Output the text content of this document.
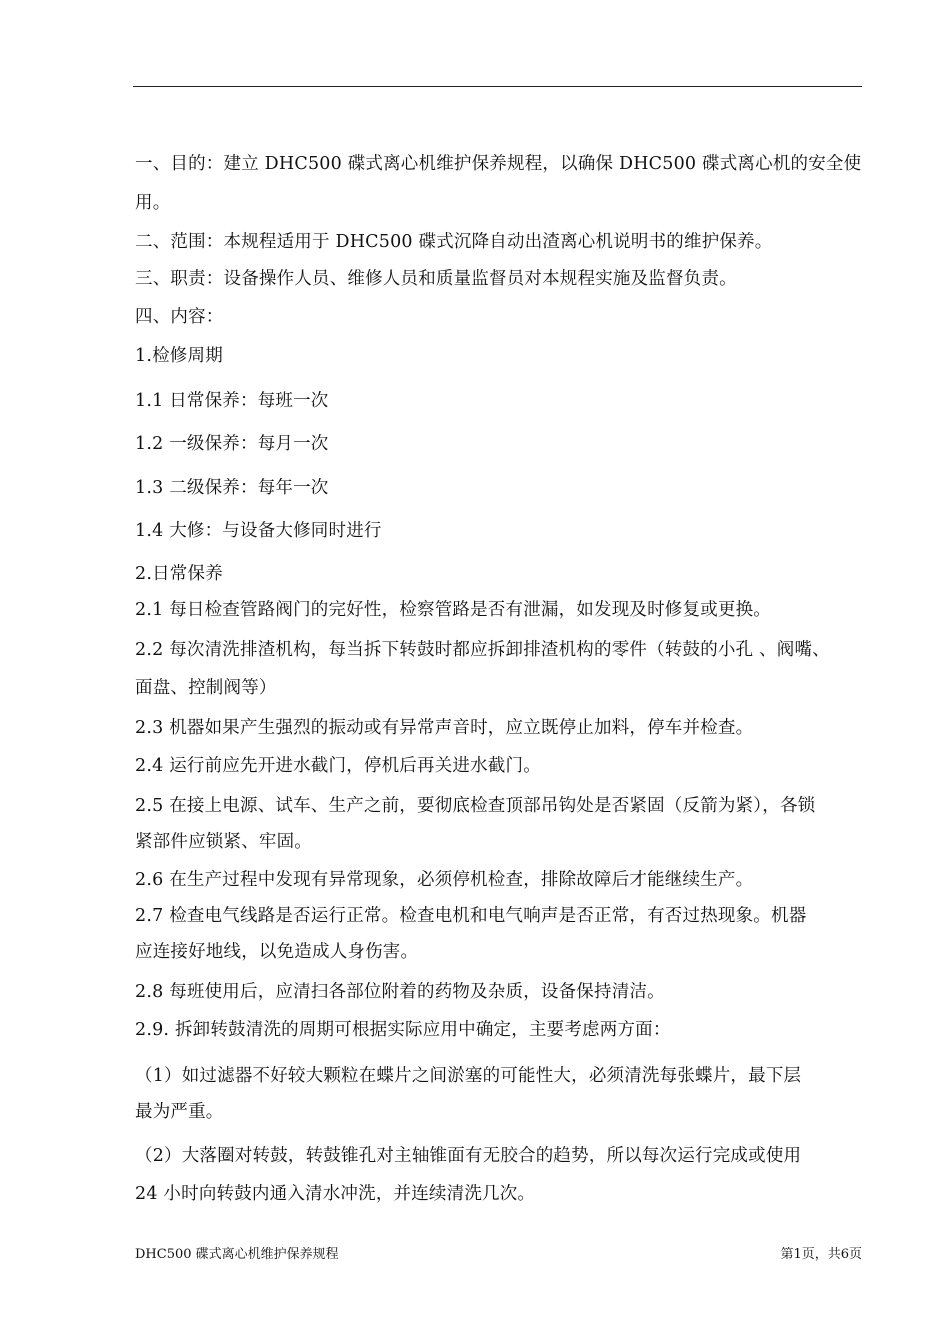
一、目的：建立 DHC500 碟式离心机维护保养规程，以确保 DHC500 碟式离心机的安全使
用。
二、范围：本规程适用于 DHC500 碟式沉降自动出渣离心机说明书的维护保养。
三、职责：设备操作人员、维修人员和质量监督员对本规程实施及监督负责。
四、内容：
1.检修周期
1.1 日常保养：每班一次
1.2 一级保养：每月一次
1.3 二级保养：每年一次
1.4 大修：与设备大修同时进行
2.日常保养
2.1 每日检查管路阀门的完好性，检察管路是否有泄漏，如发现及时修复或更换。
2.2 每次清洗排渣机构，每当拆下转鼓时都应拆卸排渣机构的零件（转鼓的小孔 、阀嘴、
面盘、控制阀等）
2.3 机器如果产生强烈的振动或有异常声音时，应立既停止加料，停车并检查。
2.4 运行前应先开进水截门，停机后再关进水截门。
2.5 在接上电源、试车、生产之前，要彻底检查顶部吊钩处是否紧固（反箭为紧），各锁
紧部件应锁紧、牢固。
2.6 在生产过程中发现有异常现象，必须停机检查，排除故障后才能继续生产。
2.7 检查电气线路是否运行正常。检查电机和电气响声是否正常，有否过热现象。机器
应连接好地线，以免造成人身伤害。
2.8 每班使用后，应清扫各部位附着的药物及杂质，设备保持清洁。
2.9. 拆卸转鼓清洗的周期可根据实际应用中确定，主要考虑两方面：
（1）如过滤器不好较大颗粒在蝶片之间淤塞的可能性大，必须清洗每张蝶片，最下层
最为严重。
（2）大落圈对转鼓，转鼓锥孔对主轴锥面有无胶合的趋势，所以每次运行完成或使用
24 小时向转鼓内通入清水冲洗，并连续清洗几次。
DHC500 碟式离心机维护保养规程	第1页，共6页
